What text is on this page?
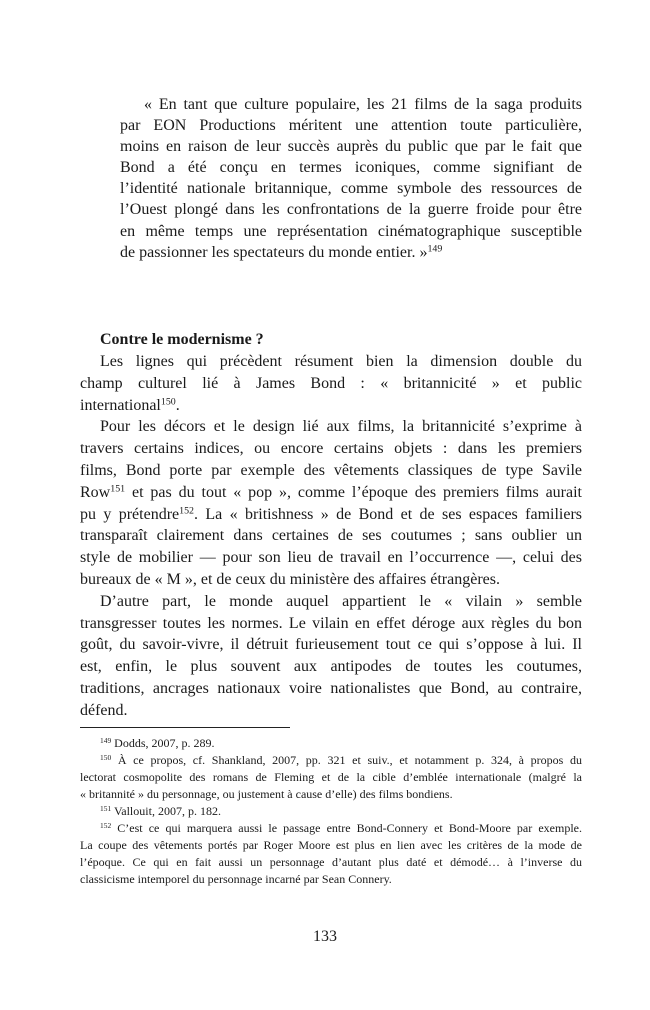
« En tant que culture populaire, les 21 films de la saga produits
par EON Productions méritent une attention toute particulière,
moins en raison de leur succès auprès du public que par le fait que
Bond a été conçu en termes iconiques, comme signifiant de
l’identité nationale britannique, comme symbole des ressources de
l’Ouest plongé dans les confrontations de la guerre froide pour être
en même temps une représentation cinématographique susceptible
de passionner les spectateurs du monde entier. »$^{149}$
Contre le modernisme ?
Les lignes qui précèdent résument bien la dimension double du
champ culturel lié à James Bond : « britannicité » et public
international$^{150}$.
Pour les décors et le design lié aux films, la britannicité s’exprime à
travers certains indices, ou encore certains objets : dans les premiers
films, Bond porte par exemple des vêtements classiques de type Savile
Row$^{151}$ et pas du tout « pop », comme l’époque des premiers films aurait
pu y prétendre$^{152}$. La « britishness » de Bond et de ses espaces familiers
transparaît clairement dans certaines de ses coutumes ; sans oublier un
style de mobilier — pour son lieu de travail en l’occurrence —, celui des
bureaux de « M », et de ceux du ministère des affaires étrangères.
D’autre part, le monde auquel appartient le « vilain » semble
transgresser toutes les normes. Le vilain en effet déroge aux règles du bon
goût, du savoir-vivre, il détruit furieusement tout ce qui s’oppose à lui. Il
est, enfin, le plus souvent aux antipodes de toutes les coutumes,
traditions, ancrages nationaux voire nationalistes que Bond, au contraire,
défend.
$^{149}$ Dodds, 2007, p. 289.
$^{150}$ À ce propos, cf. Shankland, 2007, pp. 321 et suiv., et notamment p. 324, à propos du
lectorat cosmopolite des romans de Fleming et de la cible d’emblée internationale (malgré la
« britannité » du personnage, ou justement à cause d’elle) des films bondiens.
$^{151}$ Vallouit, 2007, p. 182.
$^{152}$ C’est ce qui marquera aussi le passage entre Bond-Connery et Bond-Moore par exemple.
La coupe des vêtements portés par Roger Moore est plus en lien avec les critères de la mode de
l’époque. Ce qui en fait aussi un personnage d’autant plus daté et démodé… à l’inverse du
classicisme intemporel du personnage incarné par Sean Connery.
133
